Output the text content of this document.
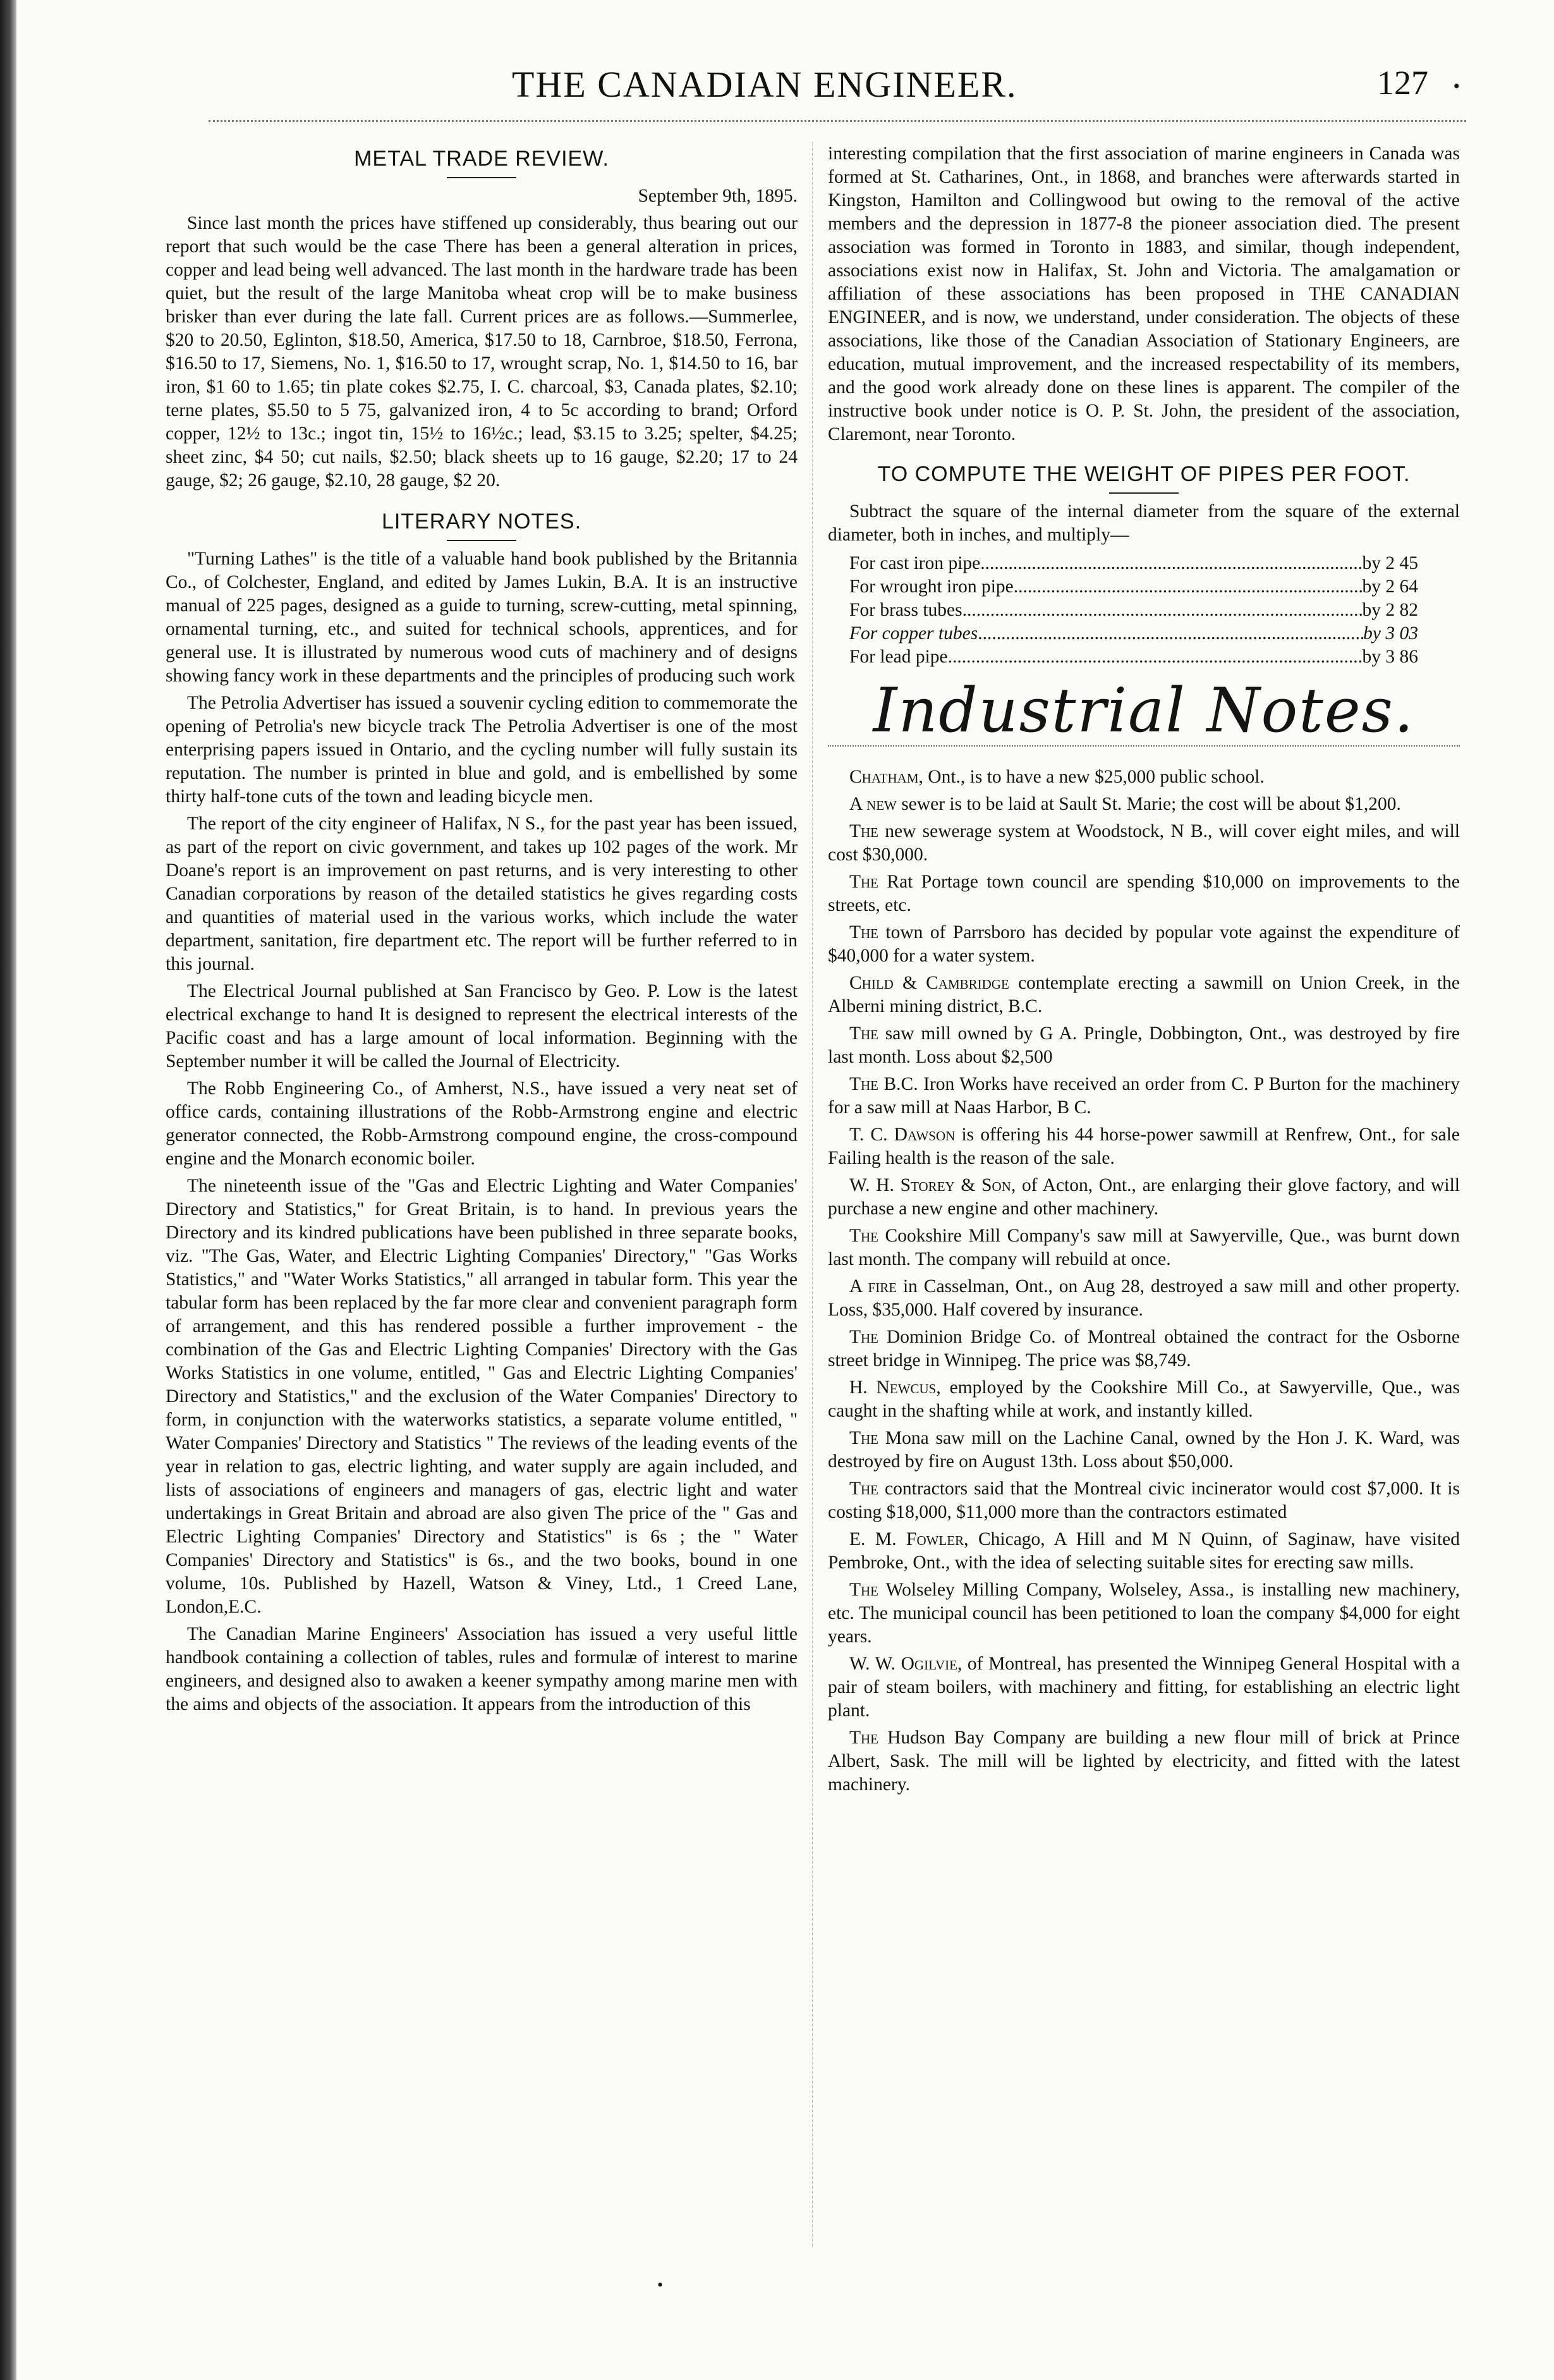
THE CANADIAN ENGINEER.	127 •
METAL TRADE REVIEW.
September 9th, 1895.

Since last month the prices have stiffened up considerably, thus bearing out our report that such would be the case There has been a general alteration in prices, copper and lead being well advanced. The last month in the hardware trade has been quiet, but the result of the large Manitoba wheat crop will be to make business brisker than ever during the late fall. Current prices are as follows.—Summerlee, $20 to 20.50, Eglinton, $18.50, America, $17.50 to 18, Carnbroe, $18.50, Ferrona, $16.50 to 17, Siemens, No. 1, $16.50 to 17, wrought scrap, No. 1, $14.50 to 16, bar iron, $1 60 to 1.65; tin plate cokes $2.75, I. C. charcoal, $3, Canada plates, $2.10; terne plates, $5.50 to 5 75, galvanized iron, 4 to 5c according to brand; Orford copper, 12½ to 13c.; ingot tin, 15½ to 16½c.; lead, $3.15 to 3.25; spelter, $4.25; sheet zinc, $4 50; cut nails, $2.50; black sheets up to 16 gauge, $2.20; 17 to 24 gauge, $2; 26 gauge, $2.10, 28 gauge, $2 20.

LITERARY NOTES.

"Turning Lathes" is the title of a valuable hand book published by the Britannia Co., of Colchester, England, and edited by James Lukin, B.A. It is an instructive manual of 225 pages, designed as a guide to turning, screw-cutting, metal spinning, ornamental turning, etc., and suited for technical schools, apprentices, and for general use. It is illustrated by numerous wood cuts of machinery and of designs showing fancy work in these departments and the principles of producing such work

The Petrolia Advertiser has issued a souvenir cycling edition to commemorate the opening of Petrolia's new bicycle track The Petrolia Advertiser is one of the most enterprising papers issued in Ontario, and the cycling number will fully sustain its reputation. The number is printed in blue and gold, and is embellished by some thirty half-tone cuts of the town and leading bicycle men.

The report of the city engineer of Halifax, N S., for the past year has been issued, as part of the report on civic government, and takes up 102 pages of the work. Mr Doane's report is an improvement on past returns, and is very interesting to other Canadian corporations by reason of the detailed statistics he gives regarding costs and quantities of material used in the various works, which include the water department, sanitation, fire department etc. The report will be further referred to in this journal.

The Electrical Journal published at San Francisco by Geo. P. Low is the latest electrical exchange to hand It is designed to represent the electrical interests of the Pacific coast and has a large amount of local information. Beginning with the September number it will be called the Journal of Electricity.

The Robb Engineering Co., of Amherst, N.S., have issued a very neat set of office cards, containing illustrations of the Robb-Armstrong engine and electric generator connected, the Robb-Armstrong compound engine, the cross-compound engine and the Monarch economic boiler.

The nineteenth issue of the "Gas and Electric Lighting and Water Companies' Directory and Statistics," for Great Britain, is to hand. In previous years the Directory and its kindred publications have been published in three separate books, viz. "The Gas, Water, and Electric Lighting Companies' Directory," "Gas Works Statistics," and "Water Works Statistics," all arranged in tabular form. This year the tabular form has been replaced by the far more clear and convenient paragraph form of arrangement, and this has rendered possible a further improvement - the combination of the Gas and Electric Lighting Companies' Directory with the Gas Works Statistics in one volume, entitled, " Gas and Electric Lighting Companies' Directory and Statistics," and the exclusion of the Water Companies' Directory to form, in conjunction with the waterworks statistics, a separate volume entitled, " Water Companies' Directory and Statistics " The reviews of the leading events of the year in relation to gas, electric lighting, and water supply are again included, and lists of associations of engineers and managers of gas, electric light and water undertakings in Great Britain and abroad are also given The price of the " Gas and Electric Lighting Companies' Directory and Statistics" is 6s ; the " Water Companies' Directory and Statistics" is 6s., and the two books, bound in one volume, 10s. Published by Hazell, Watson & Viney, Ltd., 1 Creed Lane, London,E.C.

The Canadian Marine Engineers' Association has issued a very useful little handbook containing a collection of tables, rules and formulæ of interest to marine engineers, and designed also to awaken a keener sympathy among marine men with the aims and objects of the association. It appears from the introduction of this

interesting compilation that the first association of marine engineers in Canada was formed at St. Catharines, Ont., in 1868, and branches were afterwards started in Kingston, Hamilton and Collingwood but owing to the removal of the active members and the depression in 1877-8 the pioneer association died. The present association was formed in Toronto in 1883, and similar, though independent, associations exist now in Halifax, St. John and Victoria. The amalgamation or affiliation of these associations has been proposed in THE CANADIAN ENGINEER, and is now, we understand, under consideration. The objects of these associations, like those of the Canadian Association of Stationary Engineers, are education, mutual improvement, and the increased respectability of its members, and the good work already done on these lines is apparent. The compiler of the instructive book under notice is O. P. St. John, the president of the association, Claremont, near Toronto.

TO COMPUTE THE WEIGHT OF PIPES PER FOOT.
Subtract the square of the internal diameter from the square of the external diameter, both in inches, and multiply—
For cast iron pipe .....	by 2 45
For wrought iron pipe .....	by 2 64
For brass tubes .....	by 2 82
For copper tubes .....	by 3 03
For lead pipe .....	by 3 86
Industrial Notes.

Chatham, Ont., is to have a new $25,000 public school.

A new sewer is to be laid at Sault St. Marie; the cost will be about $1,200.

The new sewerage system at Woodstock, N B., will cover eight miles, and will cost $30,000.

The Rat Portage town council are spending $10,000 on improvements to the streets, etc.

The town of Parrsboro has decided by popular vote against the expenditure of $40,000 for a water system.

Child & Cambridge contemplate erecting a sawmill on Union Creek, in the Alberni mining district, B.C.

The saw mill owned by G A. Pringle, Dobbington, Ont., was destroyed by fire last month. Loss about $2,500

The B.C. Iron Works have received an order from C. P Burton for the machinery for a saw mill at Naas Harbor, B C.

T. C. Dawson is offering his 44 horse-power sawmill at Renfrew, Ont., for sale Failing health is the reason of the sale.

W. H. Storey & Son, of Acton, Ont., are enlarging their glove factory, and will purchase a new engine and other machinery.

The Cookshire Mill Company's saw mill at Sawyerville, Que., was burnt down last month. The company will rebuild at once.

A fire in Casselman, Ont., on Aug 28, destroyed a saw mill and other property. Loss, $35,000. Half covered by insurance.

The Dominion Bridge Co. of Montreal obtained the contract for the Osborne street bridge in Winnipeg. The price was $8,749.

H. Newcus, employed by the Cookshire Mill Co., at Sawyerville, Que., was caught in the shafting while at work, and instantly killed.

The Mona saw mill on the Lachine Canal, owned by the Hon J. K. Ward, was destroyed by fire on August 13th. Loss about $50,000.

The contractors said that the Montreal civic incinerator would cost $7,000. It is costing $18,000, $11,000 more than the contractors estimated

E. M. Fowler, Chicago, A Hill and M N Quinn, of Saginaw, have visited Pembroke, Ont., with the idea of selecting suitable sites for erecting saw mills.

The Wolseley Milling Company, Wolseley, Assa., is installing new machinery, etc. The municipal council has been petitioned to loan the company $4,000 for eight years.

W. W. Ogilvie, of Montreal, has presented the Winnipeg General Hospital with a pair of steam boilers, with machinery and fitting, for establishing an electric light plant.

The Hudson Bay Company are building a new flour mill of brick at Prince Albert, Sask. The mill will be lighted by electricity, and fitted with the latest machinery.

•
